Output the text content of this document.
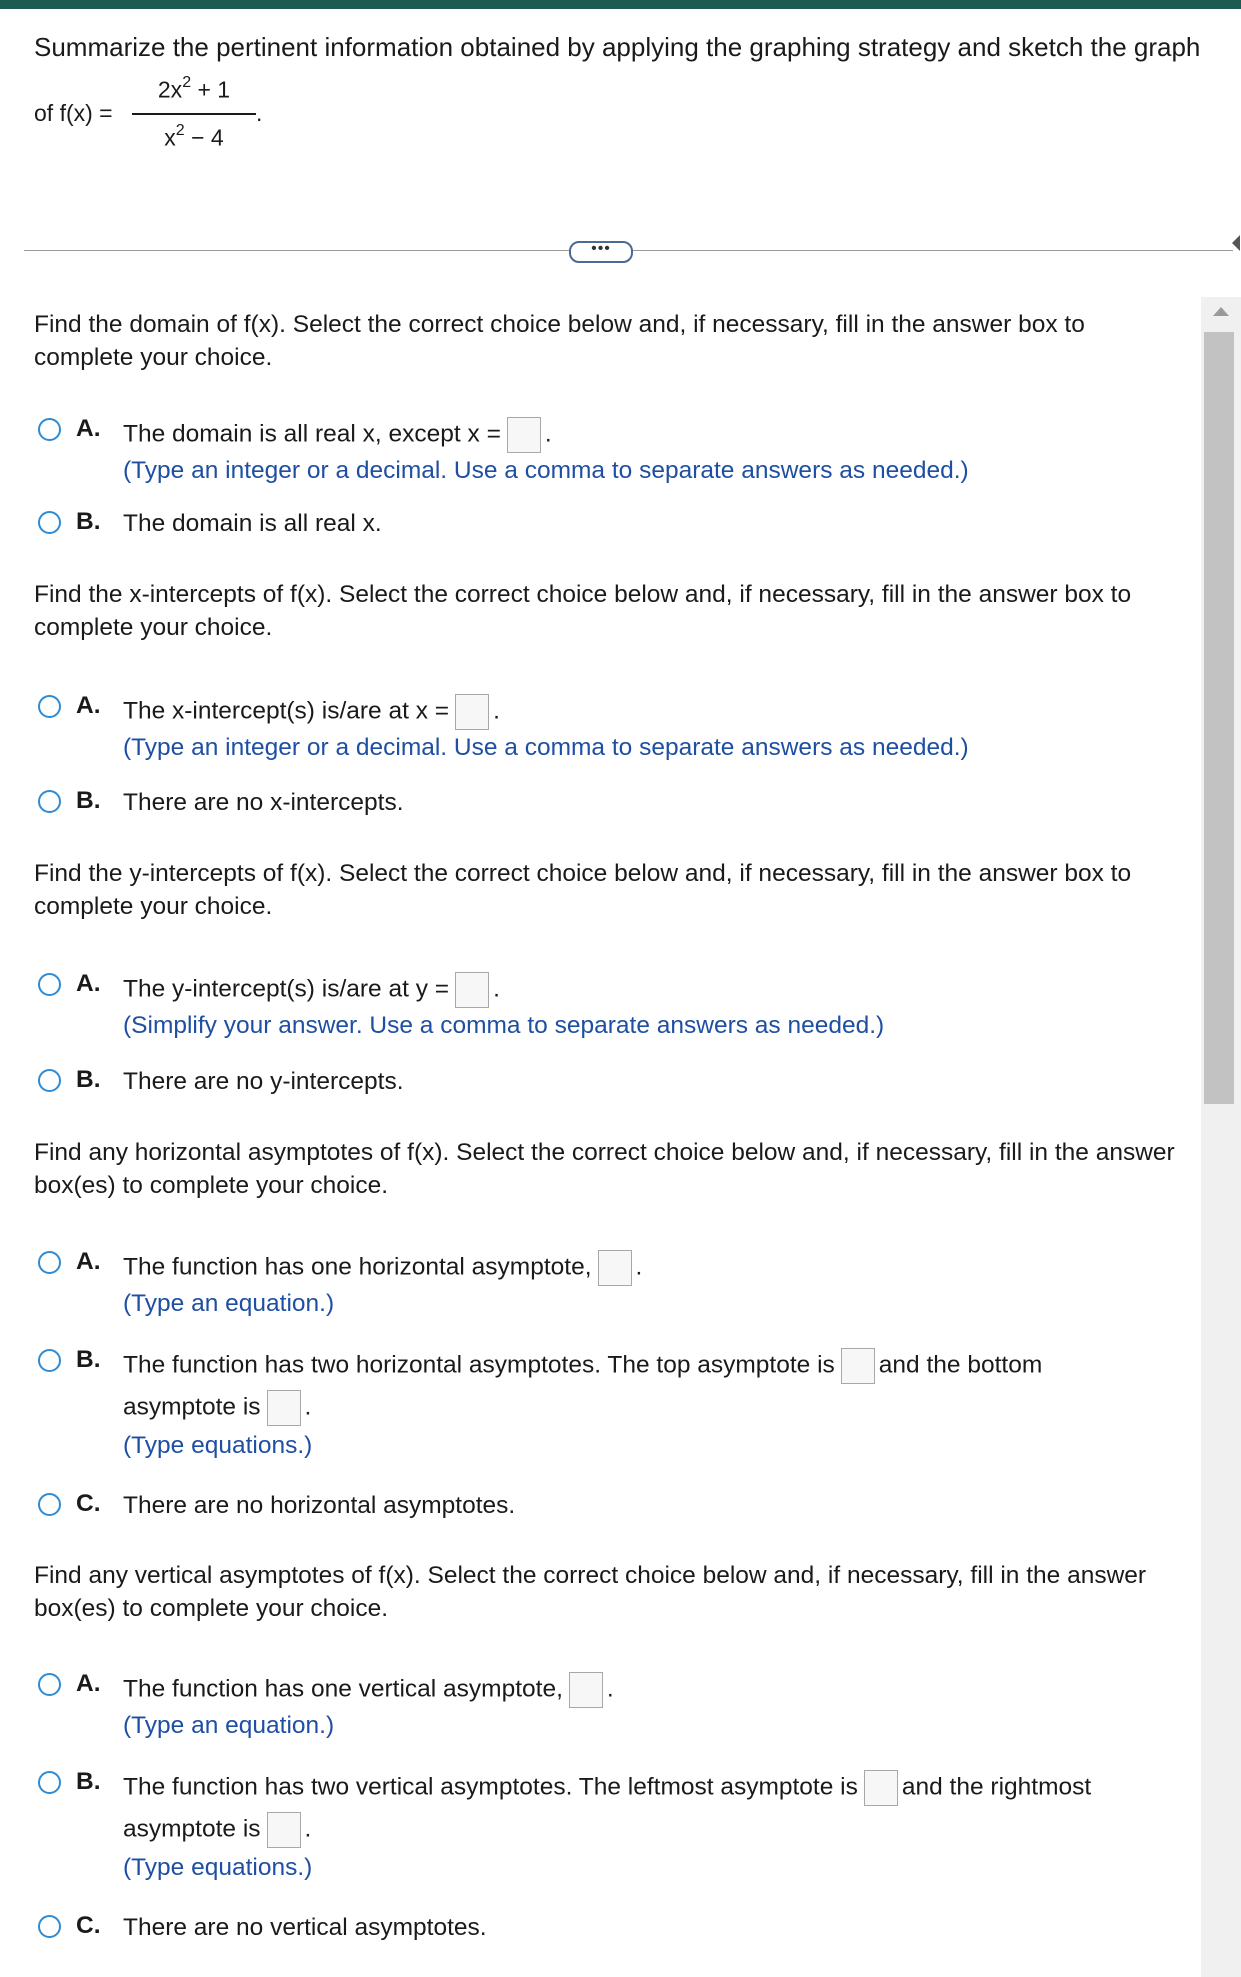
Summarize the pertinent information obtained by applying the graphing strategy and sketch the graph
of f(x) =
$2x^2 + 1$
$x^2 - 4$
.
•••
Find the domain of f(x). Select the correct choice below and, if necessary, fill in the answer box to complete your choice.
A. The domain is all real x, except x = .
(Type an integer or a decimal. Use a comma to separate answers as needed.)
B. The domain is all real x.
Find the x-intercepts of f(x). Select the correct choice below and, if necessary, fill in the answer box to complete your choice.
A. The x-intercept(s) is/are at x = .
(Type an integer or a decimal. Use a comma to separate answers as needed.)
B. There are no x-intercepts.
Find the y-intercepts of f(x). Select the correct choice below and, if necessary, fill in the answer box to complete your choice.
A. The y-intercept(s) is/are at y = .
(Simplify your answer. Use a comma to separate answers as needed.)
B. There are no y-intercepts.
Find any horizontal asymptotes of f(x). Select the correct choice below and, if necessary, fill in the answer box(es) to complete your choice.
A. The function has one horizontal asymptote, .
(Type an equation.)
B. The function has two horizontal asymptotes. The top asymptote is and the bottom
asymptote is .
(Type equations.)
C. There are no horizontal asymptotes.
Find any vertical asymptotes of f(x). Select the correct choice below and, if necessary, fill in the answer box(es) to complete your choice.
A. The function has one vertical asymptote, .
(Type an equation.)
B. The function has two vertical asymptotes. The leftmost asymptote is and the rightmost
asymptote is .
(Type equations.)
C. There are no vertical asymptotes.
